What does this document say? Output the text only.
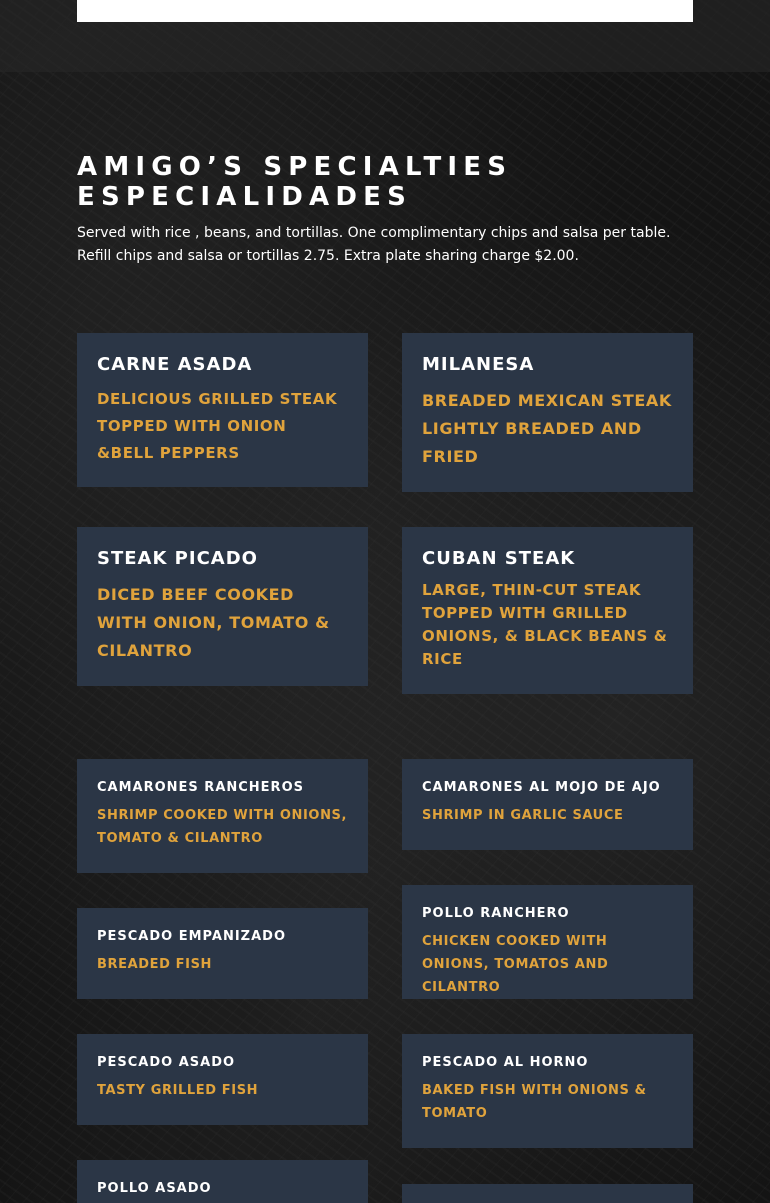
AMIGO’S SPECIALTIES
ESPECIALIDADES

Served with rice , beans, and tortillas. One complimentary chips and salsa per table. Refill chips and salsa or tortillas 2.75. Extra plate sharing charge $2.00.

CARNE ASADA
DELICIOUS GRILLED STEAK TOPPED WITH ONION &BELL PEPPERS
MILANESA
BREADED MEXICAN STEAK LIGHTLY BREADED AND FRIED
STEAK PICADO
DICED BEEF COOKED WITH ONION, TOMATO & CILANTRO
CUBAN STEAK
LARGE, THIN-CUT STEAK TOPPED WITH GRILLED ONIONS, & BLACK BEANS & RICE
CAMARONES RANCHEROS
SHRIMP COOKED WITH ONIONS, TOMATO & CILANTRO
CAMARONES AL MOJO DE AJO
SHRIMP IN GARLIC SAUCE
POLLO RANCHERO
CHICKEN COOKED WITH ONIONS, TOMATOS AND CILANTRO
PESCADO EMPANIZADO
BREADED FISH
PESCADO ASADO
TASTY GRILLED FISH
PESCADO AL HORNO
BAKED FISH WITH ONIONS & TOMATO
POLLO ASADO
